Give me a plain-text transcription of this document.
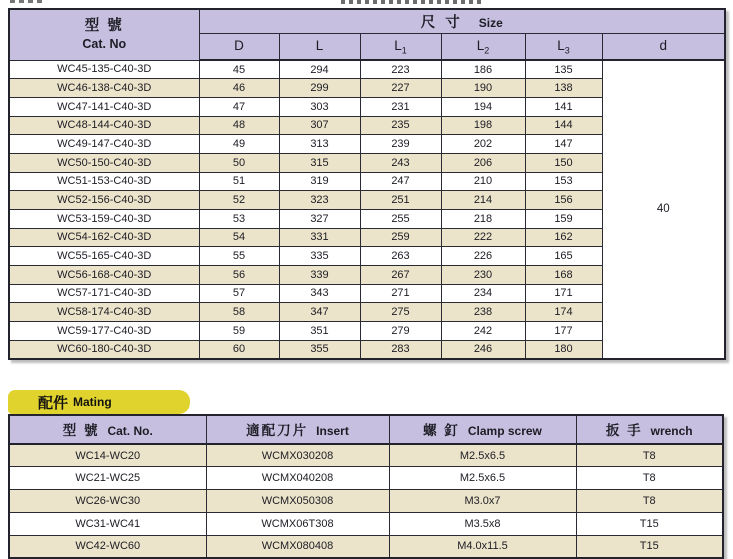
型 號
Cat. No	尺 寸 Size					
	D	L	$L_1$	$L_2$	$L_3$	d
WC45-135-C40-3D	45	294	223	186	135	40
WC46-138-C40-3D	46	299	227	190	138	
WC47-141-C40-3D	47	303	231	194	141	
WC48-144-C40-3D	48	307	235	198	144	
WC49-147-C40-3D	49	313	239	202	147	
WC50-150-C40-3D	50	315	243	206	150	
WC51-153-C40-3D	51	319	247	210	153	
WC52-156-C40-3D	52	323	251	214	156	
WC53-159-C40-3D	53	327	255	218	159	
WC54-162-C40-3D	54	331	259	222	162	
WC55-165-C40-3D	55	335	263	226	165	
WC56-168-C40-3D	56	339	267	230	168	
WC57-171-C40-3D	57	343	271	234	171	
WC58-174-C40-3D	58	347	275	238	174	
WC59-177-C40-3D	59	351	279	242	177	
WC60-180-C40-3D	60	355	283	246	180	
配件 Mating
型 號 Cat. No.	適配刀片 Insert	螺 釘 Clamp screw	扳 手 wrench
WC14-WC20	WCMX030208	M2.5x6.5	T8
WC21-WC25	WCMX040208	M2.5x6.5	T8
WC26-WC30	WCMX050308	M3.0x7	T8
WC31-WC41	WCMX06T308	M3.5x8	T15
WC42-WC60	WCMX080408	M4.0x11.5	T15
